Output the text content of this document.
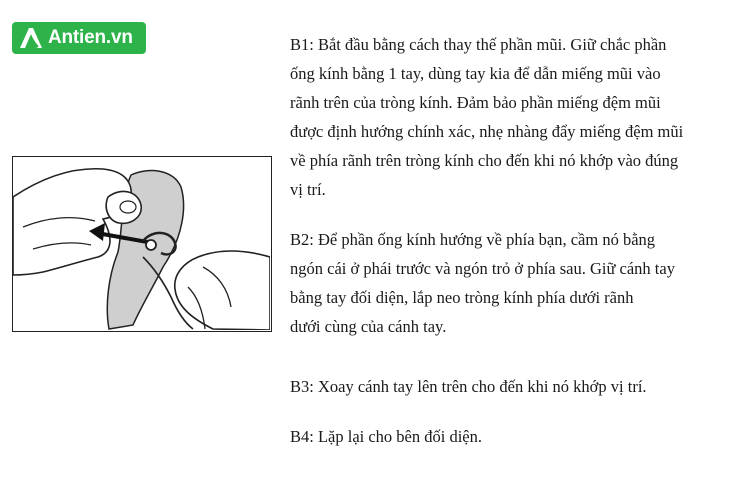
Antien.vn	B1: Bắt đầu bằng cách thay thế phần mũi. Giữ chắc phần
ống kính bằng 1 tay, dùng tay kia để dẫn miếng mũi vào
rãnh trên của tròng kính. Đảm bảo phần miếng đệm mũi
được định hướng chính xác, nhẹ nhàng đẩy miếng đệm mũi
về phía rãnh trên tròng kính cho đến khi nó khớp vào đúng
vị trí.

B2: Để phần ống kính hướng về phía bạn, cầm nó bằng
ngón cái ở phái trước và ngón trỏ ở phía sau. Giữ cánh tay
bằng tay đối diện, lắp neo tròng kính phía dưới rãnh
dưới cùng của cánh tay.

B3: Xoay cánh tay lên trên cho đến khi nó khớp vị trí.

B4: Lặp lại cho bên đối diện.
